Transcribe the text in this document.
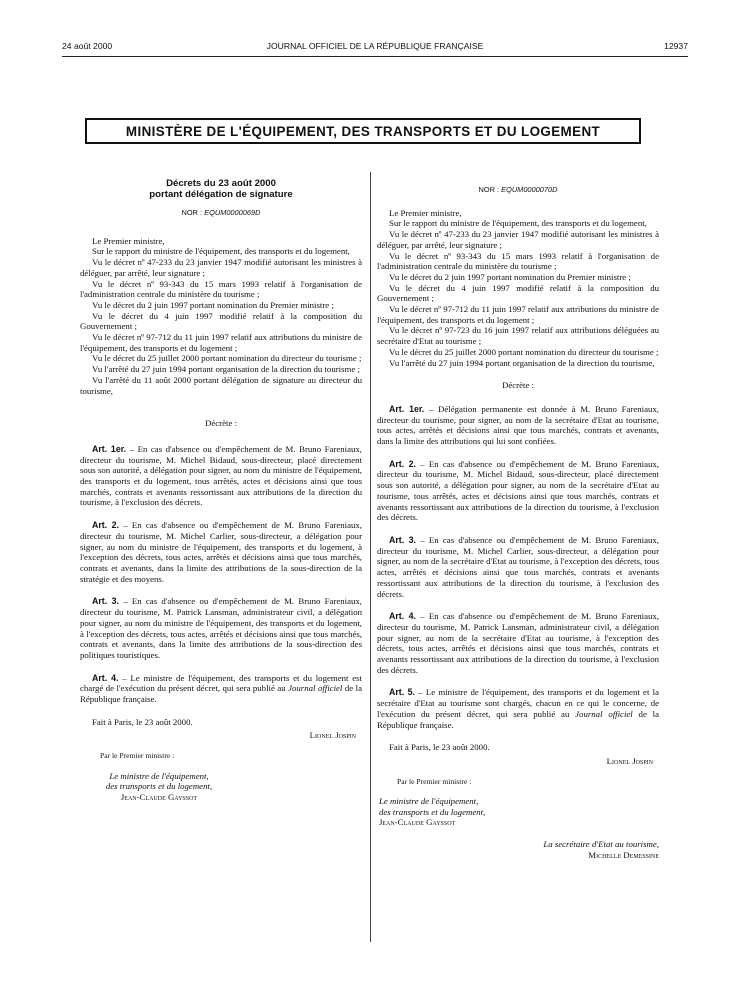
24 août 2000	JOURNAL OFFICIEL DE LA RÉPUBLIQUE FRANÇAISE	12937
MINISTÈRE DE L'ÉQUIPEMENT, DES TRANSPORTS ET DU LOGEMENT

Décrets du 23 août 2000

portant délégation de signature

NOR : EQUM0000069D

Le Premier ministre,

Sur le rapport du ministre de l'équipement, des transports et du logement,

Vu le décret nº 47-233 du 23 janvier 1947 modifié autorisant les ministres à déléguer, par arrêté, leur signature ;

Vu le décret nº 93-343 du 15 mars 1993 relatif à l'organisation de l'administration centrale du ministère du tourisme ;

Vu le décret du 2 juin 1997 portant nomination du Premier ministre ;

Vu le décret du 4 juin 1997 modifié relatif à la composition du Gouvernement ;

Vu le décret nº 97-712 du 11 juin 1997 relatif aux attributions du ministre de l'équipement, des transports et du logement ;

Vu le décret du 25 juillet 2000 portant nomination du directeur du tourisme ;

Vu l'arrêté du 27 juin 1994 portant organisation de la direction du tourisme ;

Vu l'arrêté du 11 août 2000 portant délégation de signature au directeur du tourisme,

Décrète :

Art. 1er. – En cas d'absence ou d'empêchement de M. Bruno Fareniaux, directeur du tourisme, M. Michel Bidaud, sous-directeur, placé directement sous son autorité, a délégation pour signer, au nom du ministre de l'équipement, des transports et du logement, tous arrêtés, actes et décisions ainsi que tous marchés, contrats et avenants ressortissant aux attributions de la direction du tourisme, à l'exclusion des décrets.

Art. 2. – En cas d'absence ou d'empêchement de M. Bruno Fareniaux, directeur du tourisme, M. Michel Carlier, sous-directeur, a délégation pour signer, au nom du ministre de l'équipement, des transports et du logement, à l'exception des décrets, tous actes, arrêtés et décisions ainsi que tous marchés, contrats et avenants, dans la limite des attributions de la sous-direction de la stratégie et des moyens.

Art. 3. – En cas d'absence ou d'empêchement de M. Bruno Fareniaux, directeur du tourisme, M. Patrick Lansman, administrateur civil, a délégation pour signer, au nom du ministre de l'équipement, des transports et du logement, à l'exception des décrets, tous actes, arrêtés et décisions ainsi que tous marchés, contrats et avenants, dans la limite des attributions de la sous-direction des politiques touristiques.

Art. 4. – Le ministre de l'équipement, des transports et du logement est chargé de l'exécution du présent décret, qui sera publié au Journal officiel de la République française.

Fait à Paris, le 23 août 2000.

Lionel Jospin

Par le Premier ministre :

Le ministre de l'équipement,

des transports et du logement,

Jean-Claude Gayssot

NOR : EQUM0000070D

Le Premier ministre,

Sur le rapport du ministre de l'équipement, des transports et du logement,

Vu le décret nº 47-233 du 23 janvier 1947 modifié autorisant les ministres à déléguer, par arrêté, leur signature ;

Vu le décret nº 93-343 du 15 mars 1993 relatif à l'organisation de l'administration centrale du ministère du tourisme ;

Vu le décret du 2 juin 1997 portant nomination du Premier ministre ;

Vu le décret du 4 juin 1997 modifié relatif à la composition du Gouvernement ;

Vu le décret nº 97-712 du 11 juin 1997 relatif aux attributions du ministre de l'équipement, des transports et du logement ;

Vu le décret nº 97-723 du 16 juin 1997 relatif aux attributions déléguées au secrétaire d'Etat au tourisme ;

Vu le décret du 25 juillet 2000 portant nomination du directeur du tourisme ;

Vu l'arrêté du 27 juin 1994 portant organisation de la direction du tourisme,

Décrète :

Art. 1er. – Délégation permanente est donnée à M. Bruno Fareniaux, directeur du tourisme, pour signer, au nom de la secrétaire d'Etat au tourisme, tous actes, arrêtés et décisions ainsi que tous marchés, contrats et avenants, dans la limite des attributions qui lui sont confiées.

Art. 2. – En cas d'absence ou d'empêchement de M. Bruno Fareniaux, directeur du tourisme, M. Michel Bidaud, sous-directeur, placé directement sous son autorité, a délégation pour signer, au nom de la secrétaire d'Etat au tourisme, tous arrêtés, actes et décisions ainsi que tous marchés, contrats et avenants ressortissant aux attributions de la direction du tourisme, à l'exclusion des décrets.

Art. 3. – En cas d'absence ou d'empêchement de M. Bruno Fareniaux, directeur du tourisme, M. Michel Carlier, sous-directeur, a délégation pour signer, au nom de la secrétaire d'Etat au tourisme, à l'exception des décrets, tous actes, arrêtés et décisions ainsi que tous marchés, contrats et avenants ressortissant aux attributions de la direction du tourisme, à l'exclusion des décrets.

Art. 4. – En cas d'absence ou d'empêchement de M. Bruno Fareniaux, directeur du tourisme, M. Patrick Lansman, administrateur civil, a délégation pour signer, au nom de la secrétaire d'Etat au tourisme, à l'exception des décrets, tous actes, arrêtés et décisions ainsi que tous marchés, contrats et avenants ressortissant aux attributions de la direction du tourisme, à l'exclusion des décrets.

Art. 5. – Le ministre de l'équipement, des transports et du logement et la secrétaire d'Etat au tourisme sont chargés, chacun en ce qui le concerne, de l'exécution du présent décret, qui sera publié au Journal officiel de la République française.

Fait à Paris, le 23 août 2000.

Lionel Jospin

Par le Premier ministre :

Le ministre de l'équipement,

des transports et du logement,

Jean-Claude Gayssot

La secrétaire d'Etat au tourisme,

Michelle Demessine
